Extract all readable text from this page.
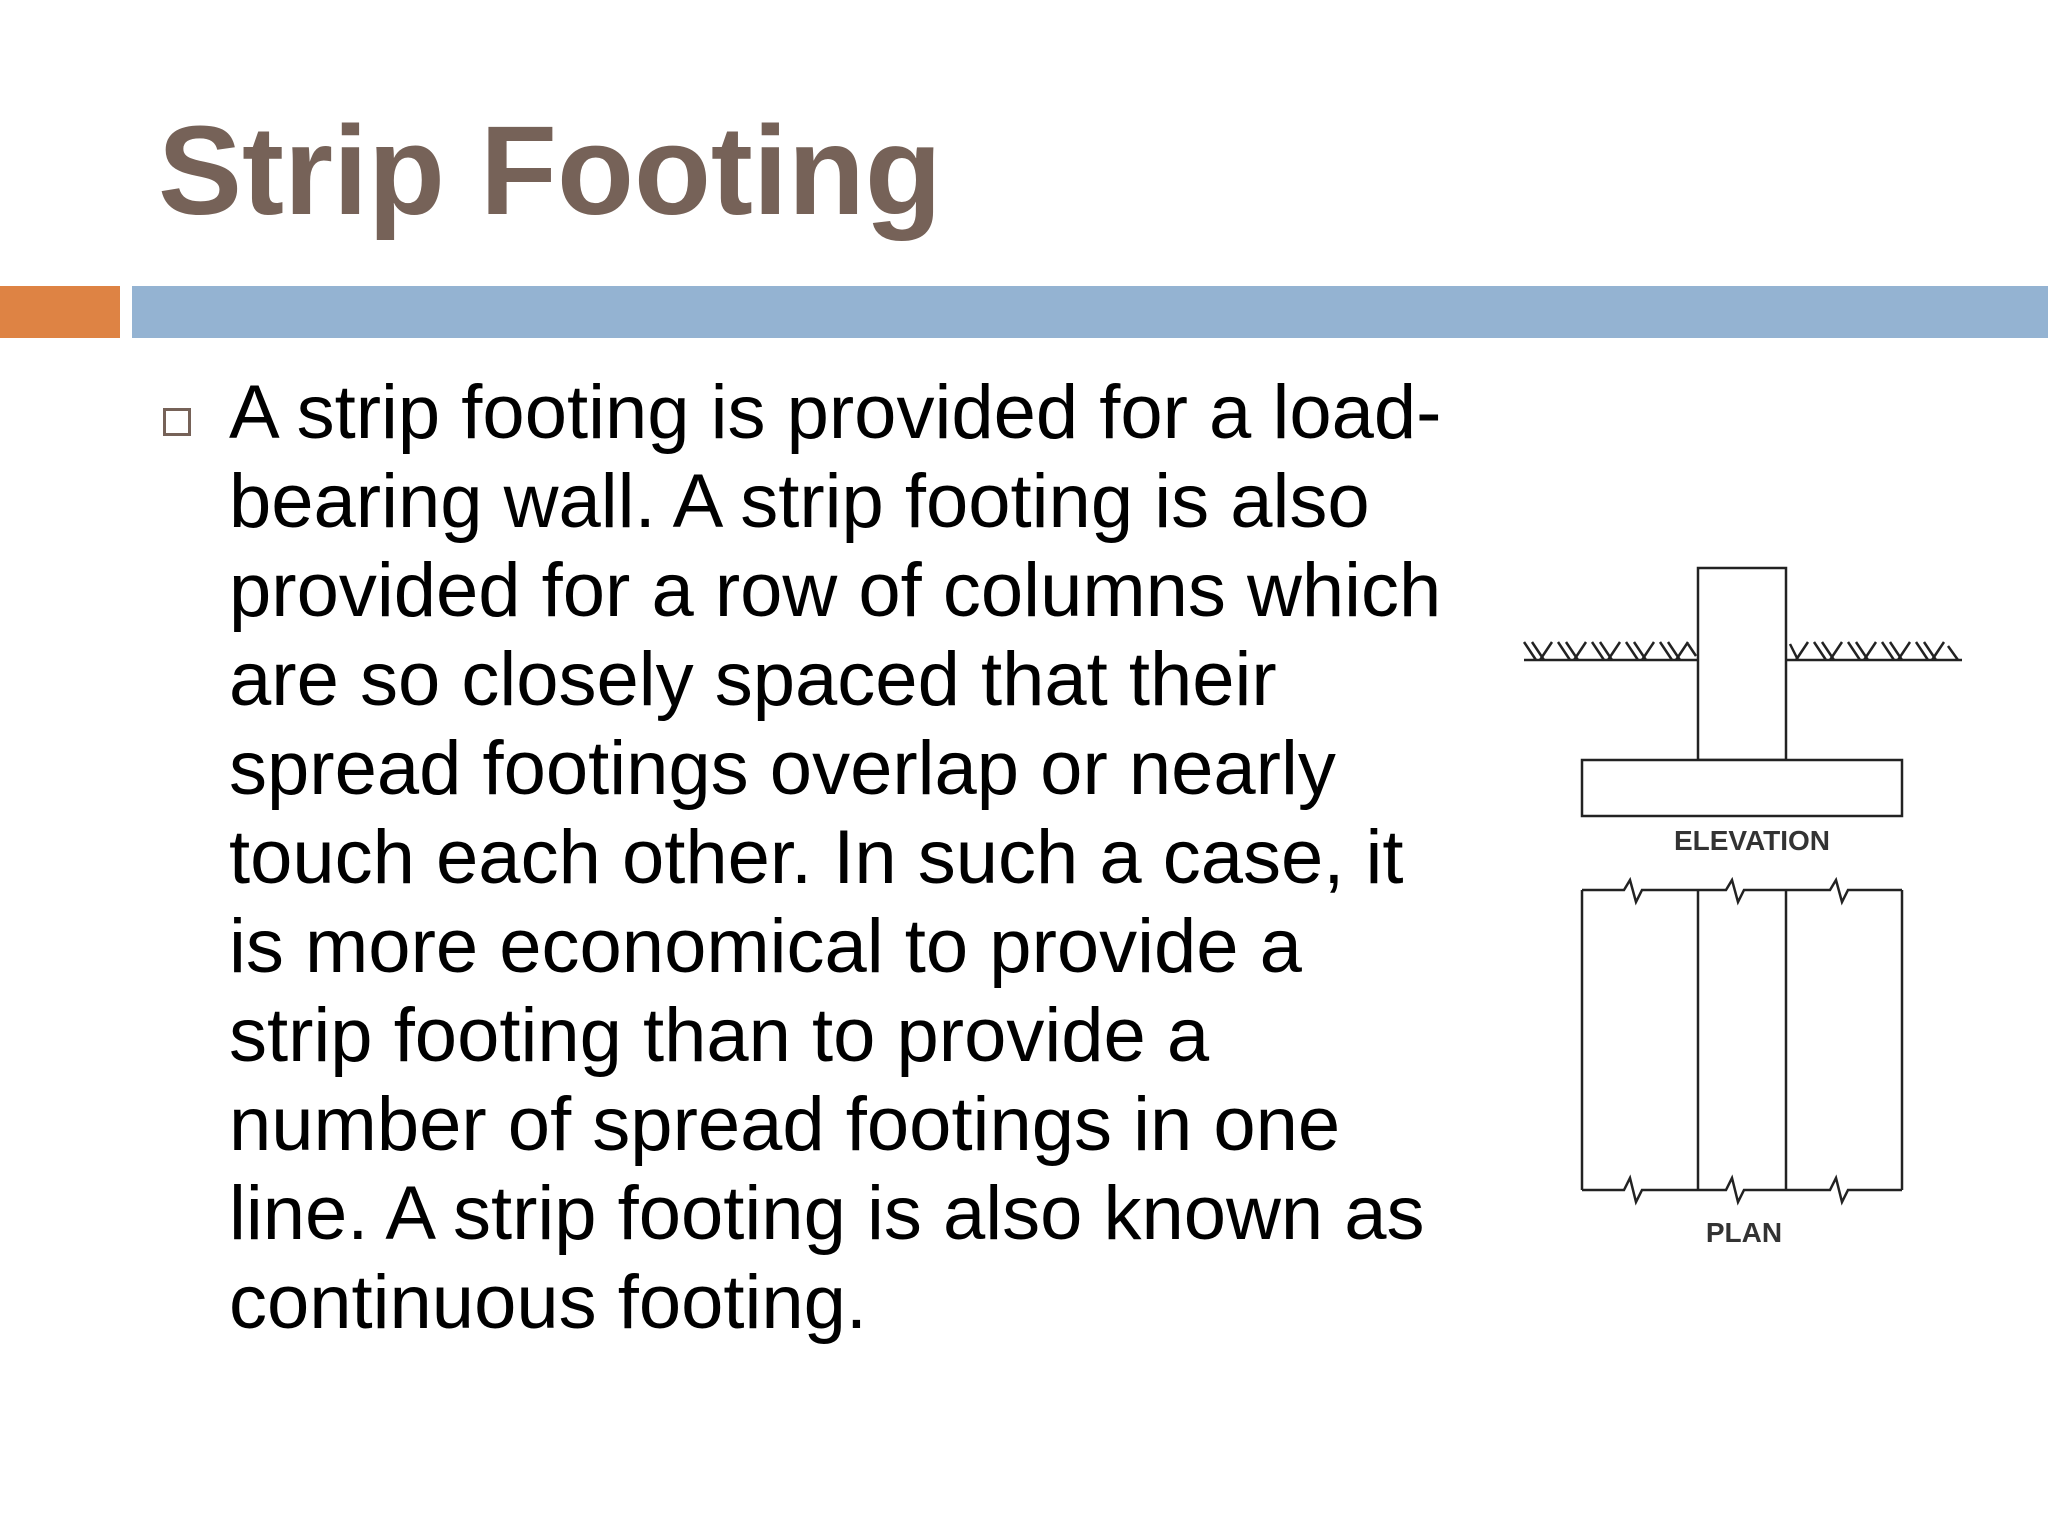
Strip Footing

A strip footing is provided for a load-bearing wall. A strip footing is also provided for a row of columns which are so closely spaced that their spread footings overlap or nearly touch each other. In such a case, it is more economical to provide a strip footing than to provide a number of spread footings in one line. A strip footing is also known as continuous footing.

ELEVATION
PLAN
